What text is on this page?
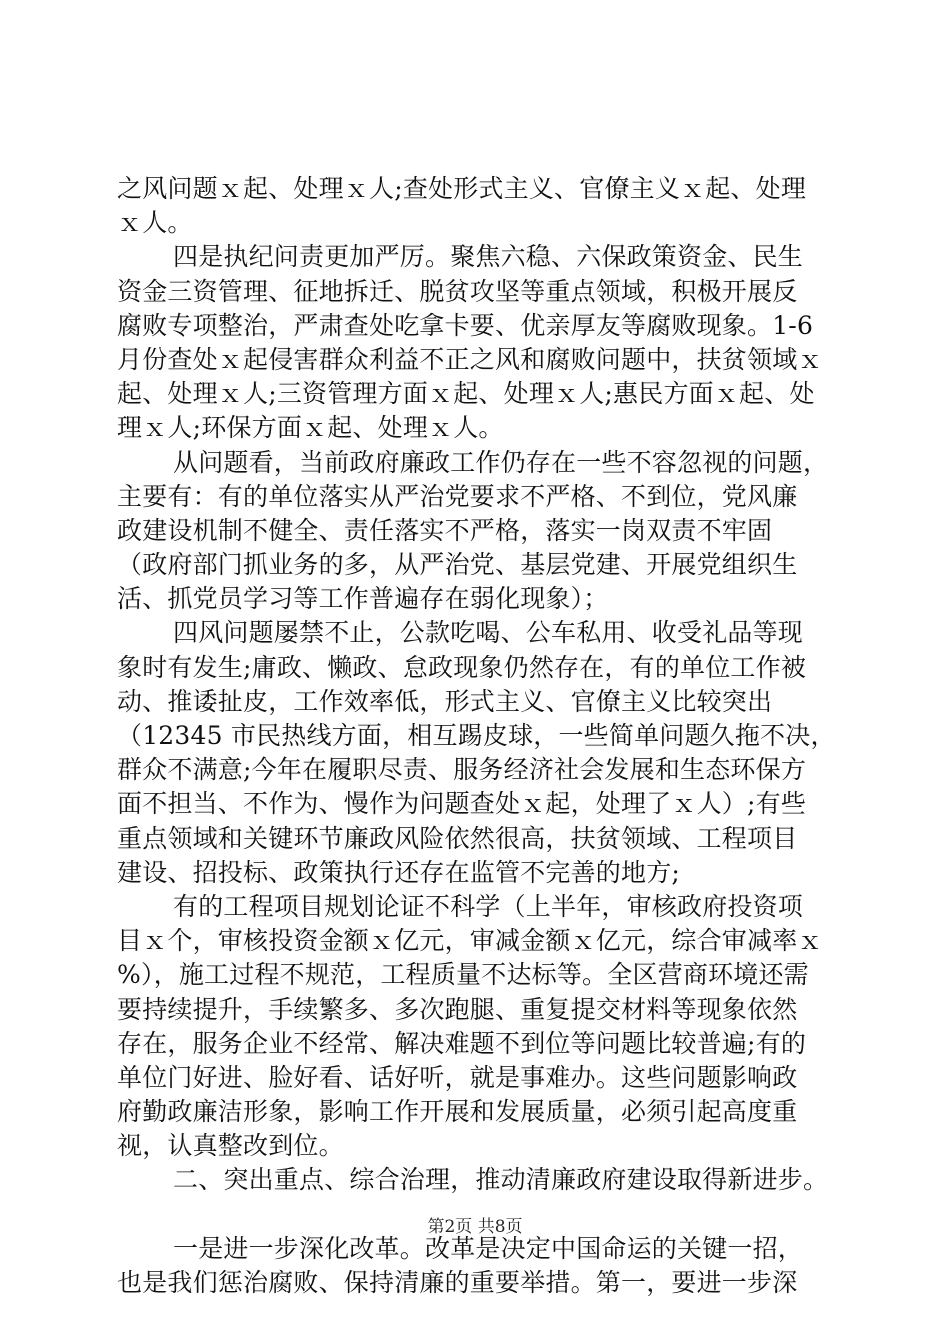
之风问题ｘ起、处理ｘ人;查处形式主义、官僚主义ｘ起、处理
ｘ人。
四是执纪问责更加严厉。聚焦六稳、六保政策资金、民生
资金三资管理、征地拆迁、脱贫攻坚等重点领域，积极开展反
腐败专项整治，严肃查处吃拿卡要、优亲厚友等腐败现象。1-6
月份查处ｘ起侵害群众利益不正之风和腐败问题中，扶贫领域ｘ
起、处理ｘ人;三资管理方面ｘ起、处理ｘ人;惠民方面ｘ起、处
理ｘ人;环保方面ｘ起、处理ｘ人。
从问题看，当前政府廉政工作仍存在一些不容忽视的问题，
主要有：有的单位落实从严治党要求不严格、不到位，党风廉
政建设机制不健全、责任落实不严格，落实一岗双责不牢固
（政府部门抓业务的多，从严治党、基层党建、开展党组织生
活、抓党员学习等工作普遍存在弱化现象）；
四风问题屡禁不止，公款吃喝、公车私用、收受礼品等现
象时有发生;庸政、懒政、怠政现象仍然存在，有的单位工作被
动、推诿扯皮，工作效率低，形式主义、官僚主义比较突出
（12345 市民热线方面，相互踢皮球，一些简单问题久拖不决，
群众不满意;今年在履职尽责、服务经济社会发展和生态环保方
面不担当、不作为、慢作为问题查处ｘ起，处理了ｘ人）;有些
重点领域和关键环节廉政风险依然很高，扶贫领域、工程项目
建设、招投标、政策执行还存在监管不完善的地方;
有的工程项目规划论证不科学（上半年，审核政府投资项
目ｘ个，审核投资金额ｘ亿元，审减金额ｘ亿元，综合审减率ｘ
%），施工过程不规范，工程质量不达标等。全区营商环境还需
要持续提升，手续繁多、多次跑腿、重复提交材料等现象依然
存在，服务企业不经常、解决难题不到位等问题比较普遍;有的
单位门好进、脸好看、话好听，就是事难办。这些问题影响政
府勤政廉洁形象，影响工作开展和发展质量，必须引起高度重
视，认真整改到位。
二、突出重点、综合治理，推动清廉政府建设取得新进步。
一是进一步深化改革。改革是决定中国命运的关键一招，
也是我们惩治腐败、保持清廉的重要举措。第一，要进一步深
第2页 共8页
